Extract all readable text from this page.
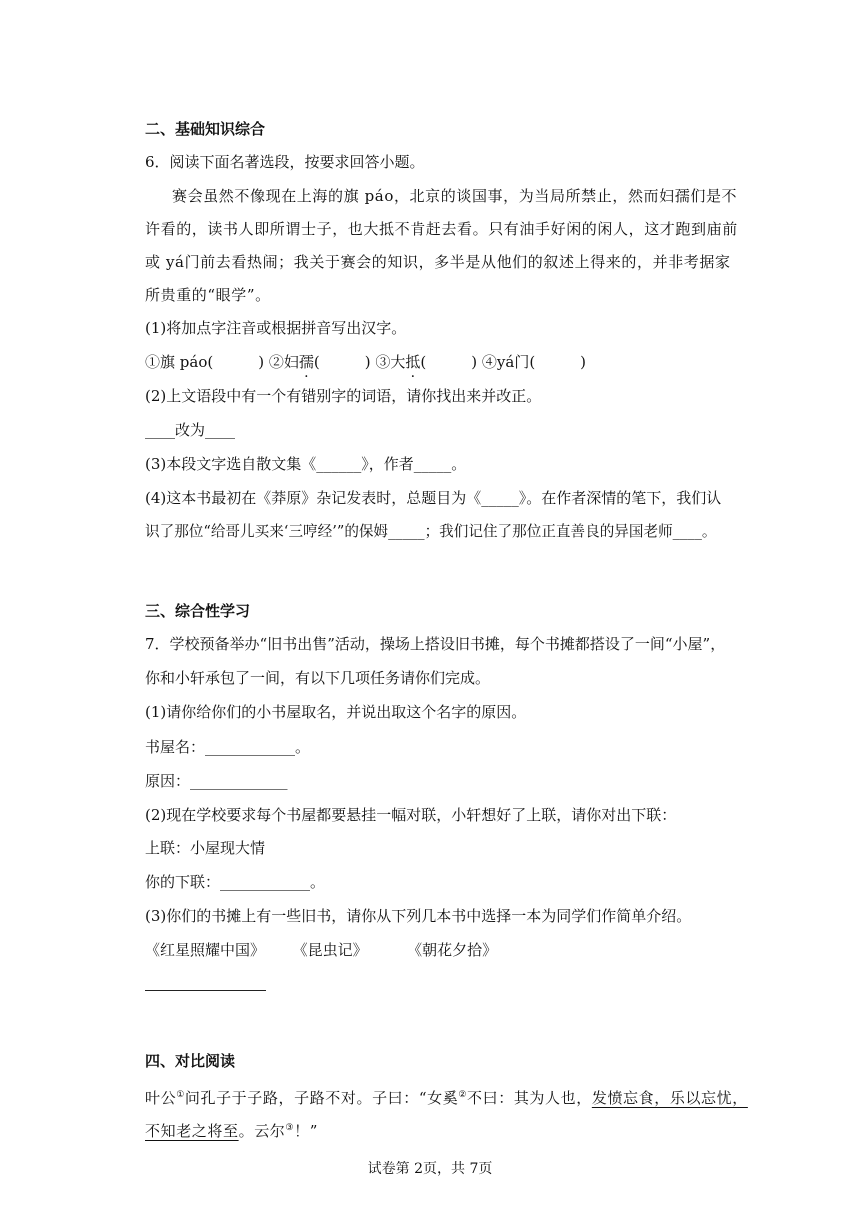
二、基础知识综合
6．阅读下面名著选段，按要求回答小题。
赛会虽然不像现在上海的旗 páo，北京的谈国事，为当局所禁止，然而妇孺们是不
许看的，读书人即所谓士子，也大抵不肯赶去看。只有油手好闲的闲人，这才跑到庙前
或 yá门前去看热闹；我关于赛会的知识，多半是从他们的叙述上得来的，并非考据家
所贵重的“眼学”。
(1)将加点字注音或根据拼音写出汉字。
①旗 páo(　　　) ②妇孺(　　　) ③大抵(　　　) ④yá门(　　　)
(2)上文语段中有一个有错别字的词语，请你找出来并改正。
____改为____
(3)本段文字选自散文集《______》，作者_____。
(4)这本书最初在《莽原》杂记发表时，总题目为《_____》。在作者深情的笔下，我们认
识了那位“给哥儿买来‘三哼经’”的保姆_____；我们记住了那位正直善良的异国老师____。
三、综合性学习
7．学校预备举办“旧书出售”活动，操场上搭设旧书摊，每个书摊都搭设了一间“小屋”，
你和小轩承包了一间，有以下几项任务请你们完成。
(1)请你给你们的小书屋取名，并说出取这个名字的原因。
书屋名：____________。
原因：_____________
(2)现在学校要求每个书屋都要悬挂一幅对联，小轩想好了上联，请你对出下联：
上联：小屋现大情
你的下联：____________。
(3)你们的书摊上有一些旧书，请你从下列几本书中选择一本为同学们作简单介绍。
《红星照耀中国》 《昆虫记》	《朝花夕拾》
四、对比阅读
叶公①问孔子于子路，子路不对。子曰：“女奚②不曰：其为人也，发愤忘食，乐以忘忧，
不知老之将至。云尔③！”
试卷第 2页，共 7页
